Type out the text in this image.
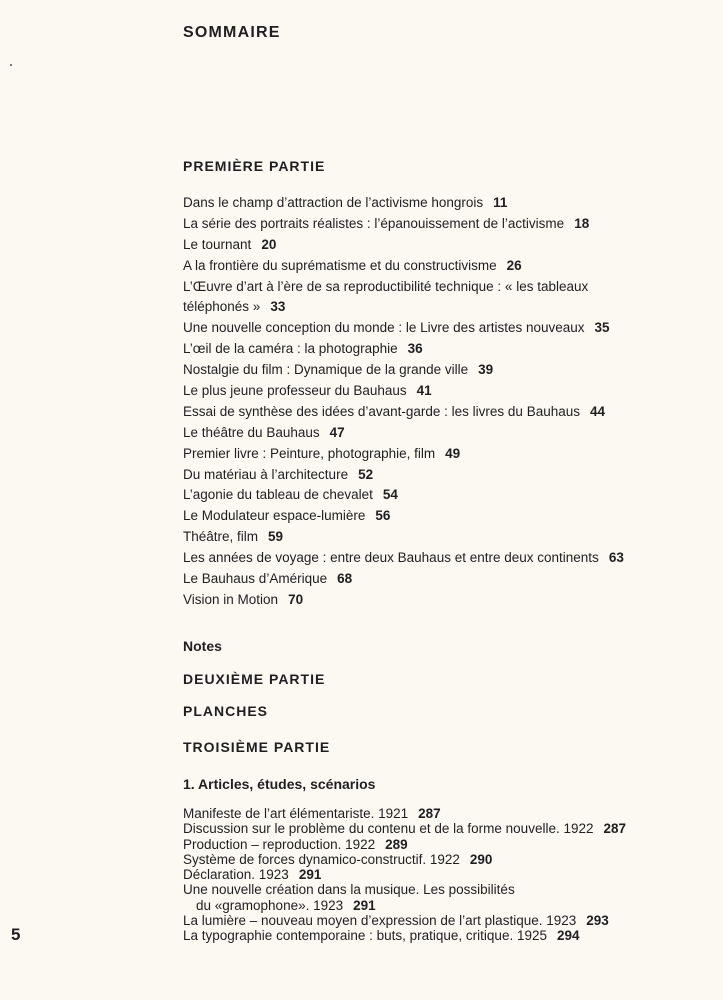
SOMMAIRE
PREMIÈRE PARTIE
Dans le champ d’attraction de l’activisme hongrois 11
La série des portraits réalistes : l’épanouissement de l’activisme 18
Le tournant 20
A la frontière du suprématisme et du constructivisme 26
L’Œuvre d’art à l’ère de sa reproductibilité technique : « les tableaux
téléphonés » 33
Une nouvelle conception du monde : le Livre des artistes nouveaux 35
L’œil de la caméra : la photographie 36
Nostalgie du film : Dynamique de la grande ville 39
Le plus jeune professeur du Bauhaus 41
Essai de synthèse des idées d’avant-garde : les livres du Bauhaus 44
Le théâtre du Bauhaus 47
Premier livre : Peinture, photographie, film 49
Du matériau à l’architecture 52
L’agonie du tableau de chevalet 54
Le Modulateur espace-lumière 56
Théâtre, film 59
Les années de voyage : entre deux Bauhaus et entre deux continents 63
Le Bauhaus d’Amérique 68
Vision in Motion 70
Notes
DEUXIÈME PARTIE
PLANCHES
TROISIÈME PARTIE
1. Articles, études, scénarios
Manifeste de l’art élémentariste. 1921 287
Discussion sur le problème du contenu et de la forme nouvelle. 1922 287
Production – reproduction. 1922 289
Système de forces dynamico-constructif. 1922 290
Déclaration. 1923 291
Une nouvelle création dans la musique. Les possibilités
du «gramophone». 1923 291
La lumière – nouveau moyen d’expression de l’art plastique. 1923 293
La typographie contemporaine : buts, pratique, critique. 1925 294
5
